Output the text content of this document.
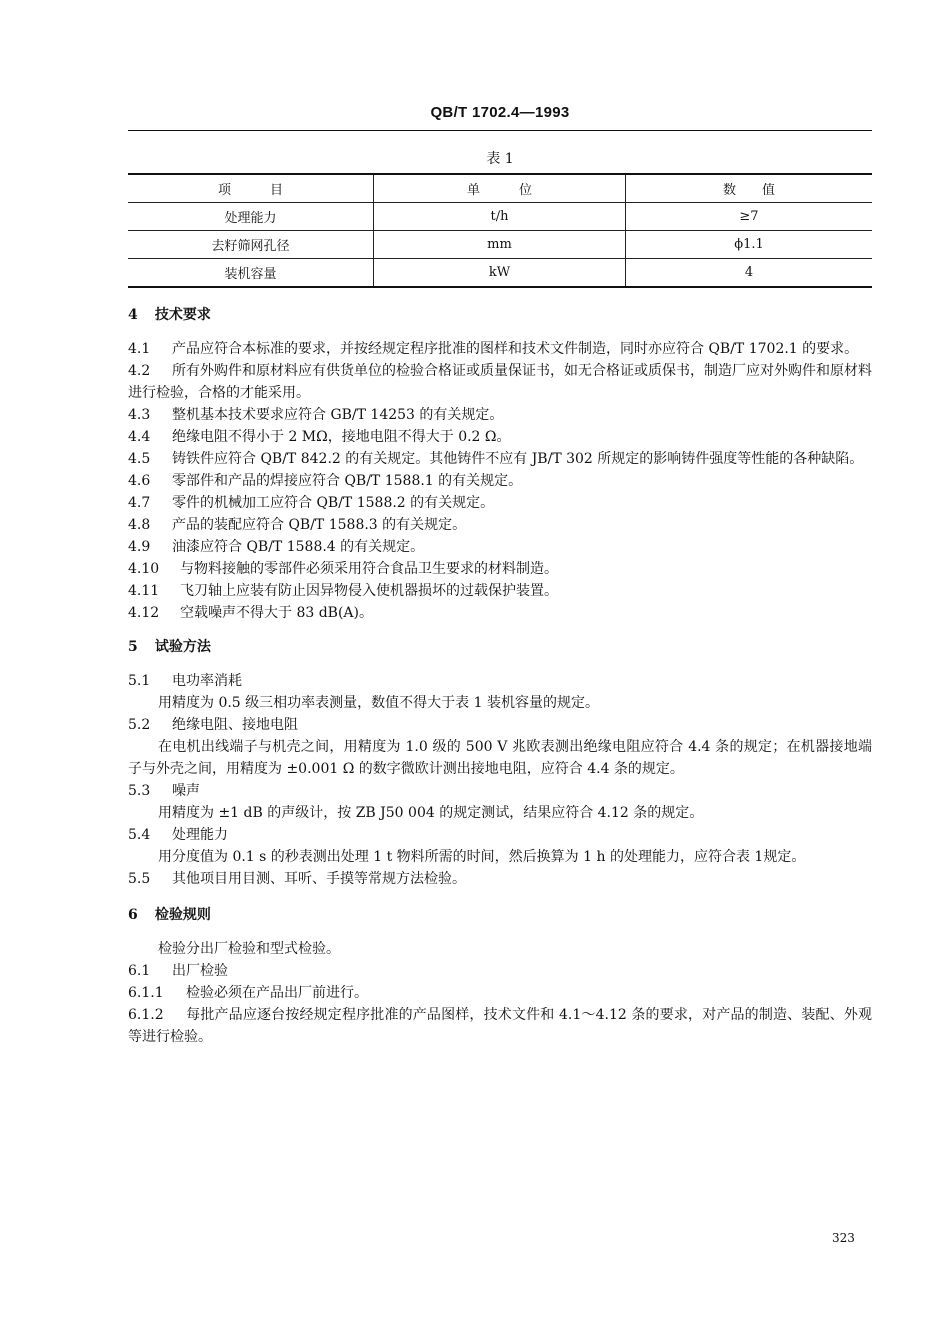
QB/T 1702.4—1993
表 1
项　　　目	单　　　位	数　　值
处理能力	t/h	≥7
去籽筛网孔径	mm	ϕ1.1
装机容量	kW	4
4 技术要求
4.1 产品应符合本标准的要求，并按经规定程序批准的图样和技术文件制造，同时亦应符合 QB/T 1702.1 的要求。
4.2 所有外购件和原材料应有供货单位的检验合格证或质量保证书，如无合格证或质保书，制造厂应对外购件和原材料进行检验，合格的才能采用。
4.3 整机基本技术要求应符合 GB/T 14253 的有关规定。
4.4 绝缘电阻不得小于 2 MΩ，接地电阻不得大于 0.2 Ω。
4.5 铸铁件应符合 QB/T 842.2 的有关规定。其他铸件不应有 JB/T 302 所规定的影响铸件强度等性能的各种缺陷。
4.6 零部件和产品的焊接应符合 QB/T 1588.1 的有关规定。
4.7 零件的机械加工应符合 QB/T 1588.2 的有关规定。
4.8 产品的装配应符合 QB/T 1588.3 的有关规定。
4.9 油漆应符合 QB/T 1588.4 的有关规定。
4.10 与物料接触的零部件必须采用符合食品卫生要求的材料制造。
4.11 飞刀轴上应装有防止因异物侵入使机器损坏的过载保护装置。
4.12 空载噪声不得大于 83 dB(A)。
5 试验方法
5.1 电功率消耗
用精度为 0.5 级三相功率表测量，数值不得大于表 1 装机容量的规定。
5.2 绝缘电阻、接地电阻
在电机出线端子与机壳之间，用精度为 1.0 级的 500 V 兆欧表测出绝缘电阻应符合 4.4 条的规定；在机器接地端子与外壳之间，用精度为 ±0.001 Ω 的数字微欧计测出接地电阻，应符合 4.4 条的规定。
5.3 噪声
用精度为 ±1 dB 的声级计，按 ZB J50 004 的规定测试，结果应符合 4.12 条的规定。
5.4 处理能力
用分度值为 0.1 s 的秒表测出处理 1 t 物料所需的时间，然后换算为 1 h 的处理能力，应符合表 1规定。
5.5 其他项目用目测、耳听、手摸等常规方法检验。
6 检验规则
检验分出厂检验和型式检验。
6.1 出厂检验
6.1.1 检验必须在产品出厂前进行。
6.1.2 每批产品应逐台按经规定程序批准的产品图样，技术文件和 4.1～4.12 条的要求，对产品的制造、装配、外观等进行检验。
323
